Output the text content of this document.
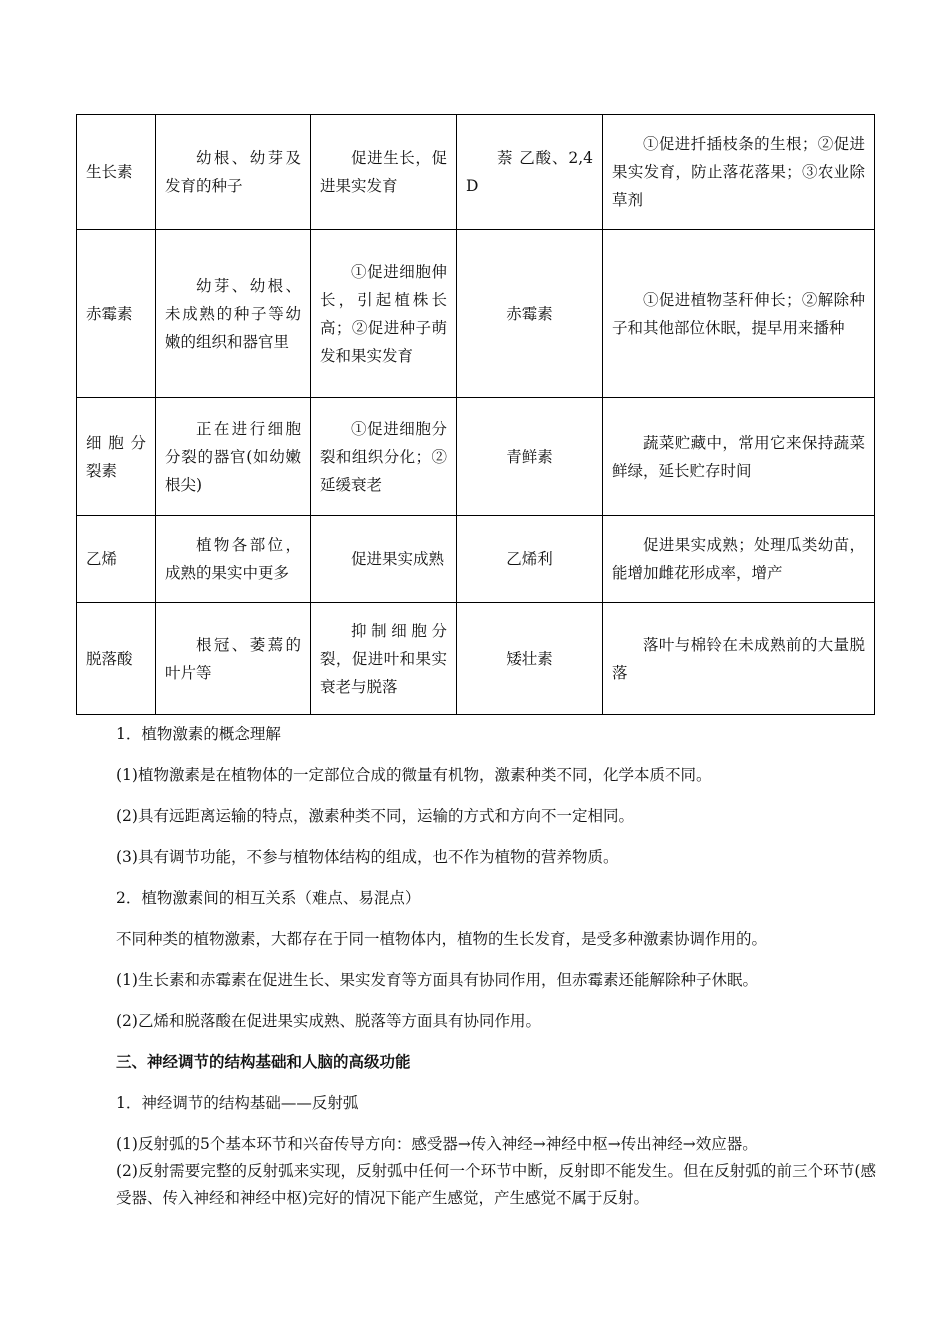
生长素	幼根、幼芽及发育的种子	促进生长，促进果实发育	萘 乙酸、2,4D	①促进扦插枝条的生根；②促进果实发育，防止落花落果；③农业除草剂

赤霉素	幼芽、幼根、未成熟的种子等幼嫩的组织和器官里	①促进细胞伸长，引起植株长高；②促进种子萌发和果实发育	赤霉素	①促进植物茎秆伸长；②解除种子和其他部位休眠，提早用来播种

细胞分裂素	正在进行细胞分裂的器官(如幼嫩根尖)	①促进细胞分裂和组织分化；②延缓衰老	青鲜素	蔬菜贮藏中，常用它来保持蔬菜鲜绿，延长贮存时间

乙烯	植物各部位，成熟的果实中更多	促进果实成熟	乙烯利	促进果实成熟；处理瓜类幼苗，能增加雌花形成率，增产

脱落酸	根冠、萎蔫的叶片等	抑制细胞分裂，促进叶和果实衰老与脱落	矮壮素	落叶与棉铃在未成熟前的大量脱落
1．植物激素的概念理解
(1)植物激素是在植物体的一定部位合成的微量有机物，激素种类不同，化学本质不同。
(2)具有远距离运输的特点，激素种类不同，运输的方式和方向不一定相同。
(3)具有调节功能，不参与植物体结构的组成，也不作为植物的营养物质。
2．植物激素间的相互关系（难点、易混点）
不同种类的植物激素，大都存在于同一植物体内，植物的生长发育，是受多种激素协调作用的。
(1)生长素和赤霉素在促进生长、果实发育等方面具有协同作用，但赤霉素还能解除种子休眠。
(2)乙烯和脱落酸在促进果实成熟、脱落等方面具有协同作用。
三、神经调节的结构基础和人脑的高级功能
1．神经调节的结构基础——反射弧
(1)反射弧的5个基本环节和兴奋传导方向：感受器→传入神经→神经中枢→传出神经→效应器。
(2)反射需要完整的反射弧来实现，反射弧中任何一个环节中断，反射即不能发生。但在反射弧的前三个环节(感受器、传入神经和神经中枢)完好的情况下能产生感觉，产生感觉不属于反射。
